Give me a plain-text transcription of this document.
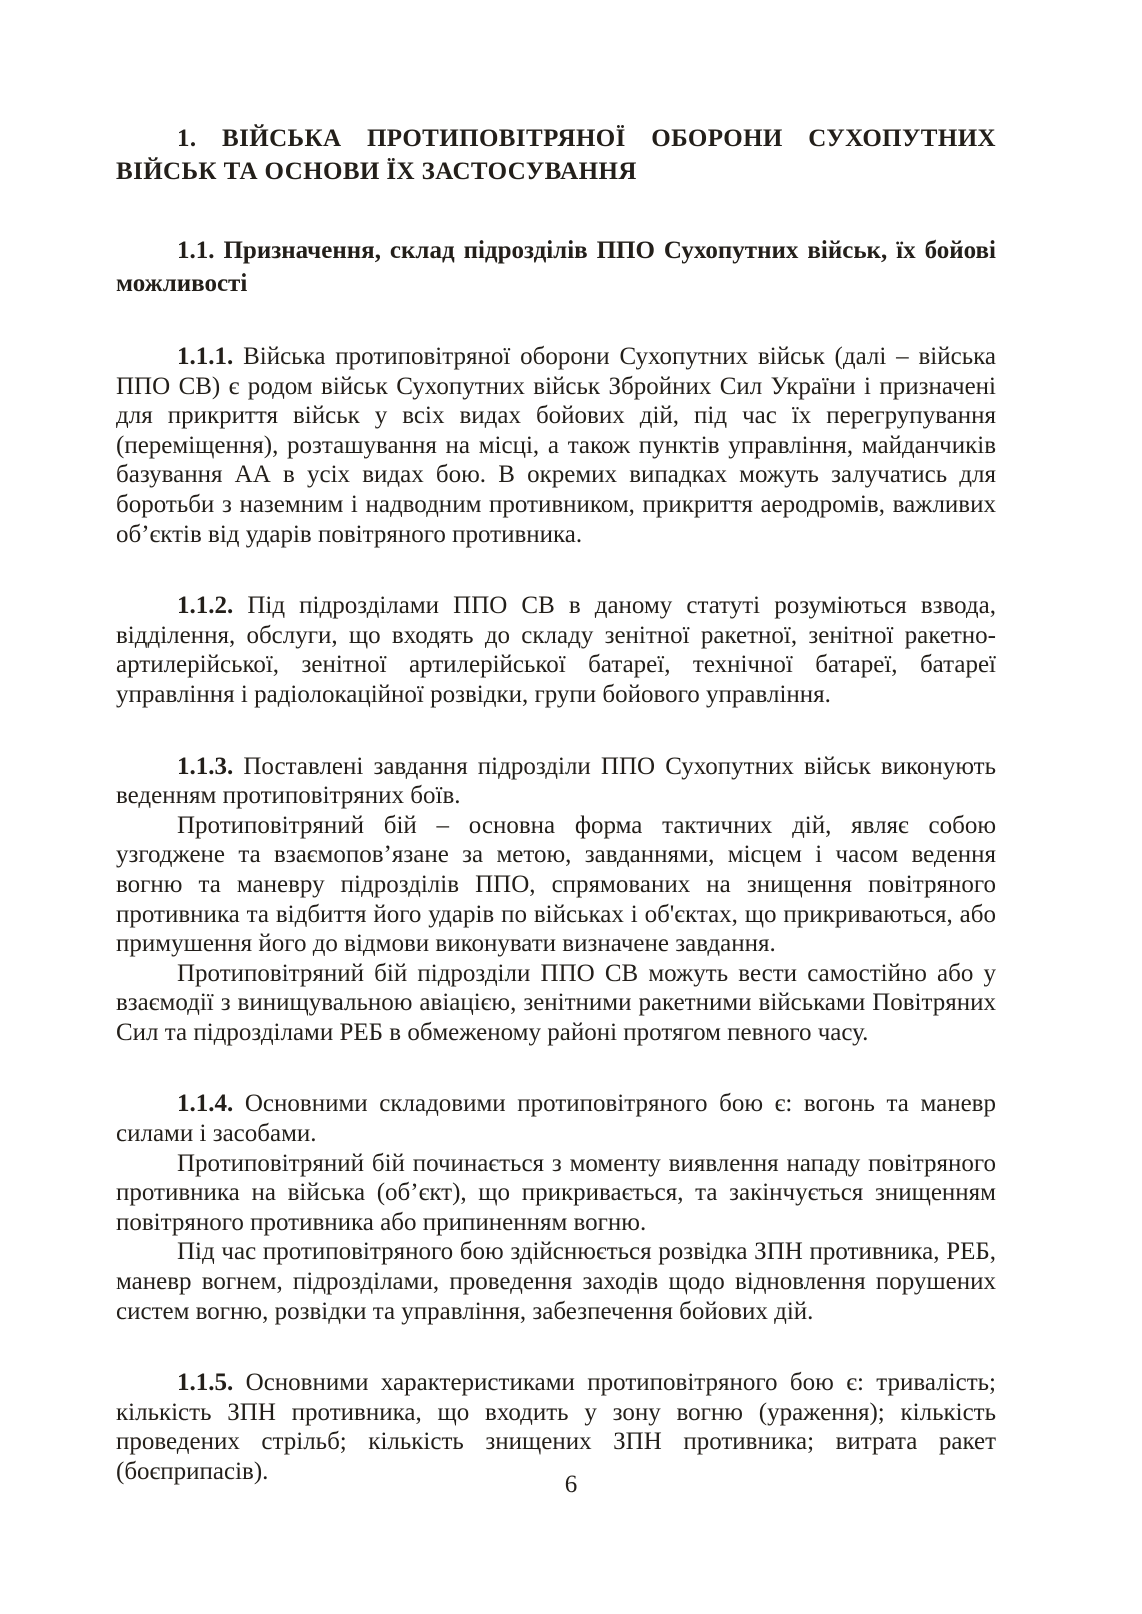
1. ВІЙСЬКА ПРОТИПОВІТРЯНОЇ ОБОРОНИ СУХОПУТНИХ ВІЙСЬК ТА ОСНОВИ ЇХ ЗАСТОСУВАННЯ
1.1. Призначення, склад підрозділів ППО Сухопутних військ, їх бойові можливості

1.1.1. Війська протиповітряної оборони Сухопутних військ (далі – війська ППО СВ) є родом військ Сухопутних військ Збройних Сил України і призначені для прикриття військ у всіх видах бойових дій, під час їх перегрупування (переміщення), розташування на місці, а також пунктів управління, майданчиків базування АА в усіх видах бою. В окремих випадках можуть залучатись для боротьби з наземним і надводним противником, прикриття аеродромів, важливих об’єктів від ударів повітряного противника.

1.1.2. Під підрозділами ППО СВ в даному статуті розуміються взвода, відділення, обслуги, що входять до складу зенітної ракетної, зенітної ракетно-артилерійської, зенітної артилерійської батареї, технічної батареї, батареї управління і радіолокаційної розвідки, групи бойового управління.

1.1.3. Поставлені завдання підрозділи ППО Сухопутних військ виконують веденням протиповітряних боїв.

Протиповітряний бій – основна форма тактичних дій, являє собою узгоджене та взаємопов’язане за метою, завданнями, місцем і часом ведення вогню та маневру підрозділів ППО, спрямованих на знищення повітряного противника та відбиття його ударів по військах і об'єктах, що прикриваються, або примушення його до відмови виконувати визначене завдання.

Протиповітряний бій підрозділи ППО СВ можуть вести самостійно або у взаємодії з винищувальною авіацією, зенітними ракетними військами Повітряних Сил та підрозділами РЕБ в обмеженому районі протягом певного часу.

1.1.4. Основними складовими протиповітряного бою є: вогонь та маневр силами і засобами.

Протиповітряний бій починається з моменту виявлення нападу повітряного противника на війська (об’єкт), що прикривається, та закінчується знищенням повітряного противника або припиненням вогню.

Під час протиповітряного бою здійснюється розвідка ЗПН противника, РЕБ, маневр вогнем, підрозділами, проведення заходів щодо відновлення порушених систем вогню, розвідки та управління, забезпечення бойових дій.

1.1.5. Основними характеристиками протиповітряного бою є: тривалість; кількість ЗПН противника, що входить у зону вогню (ураження); кількість проведених стрільб; кількість знищених ЗПН противника; витрата ракет (боєприпасів).	6
